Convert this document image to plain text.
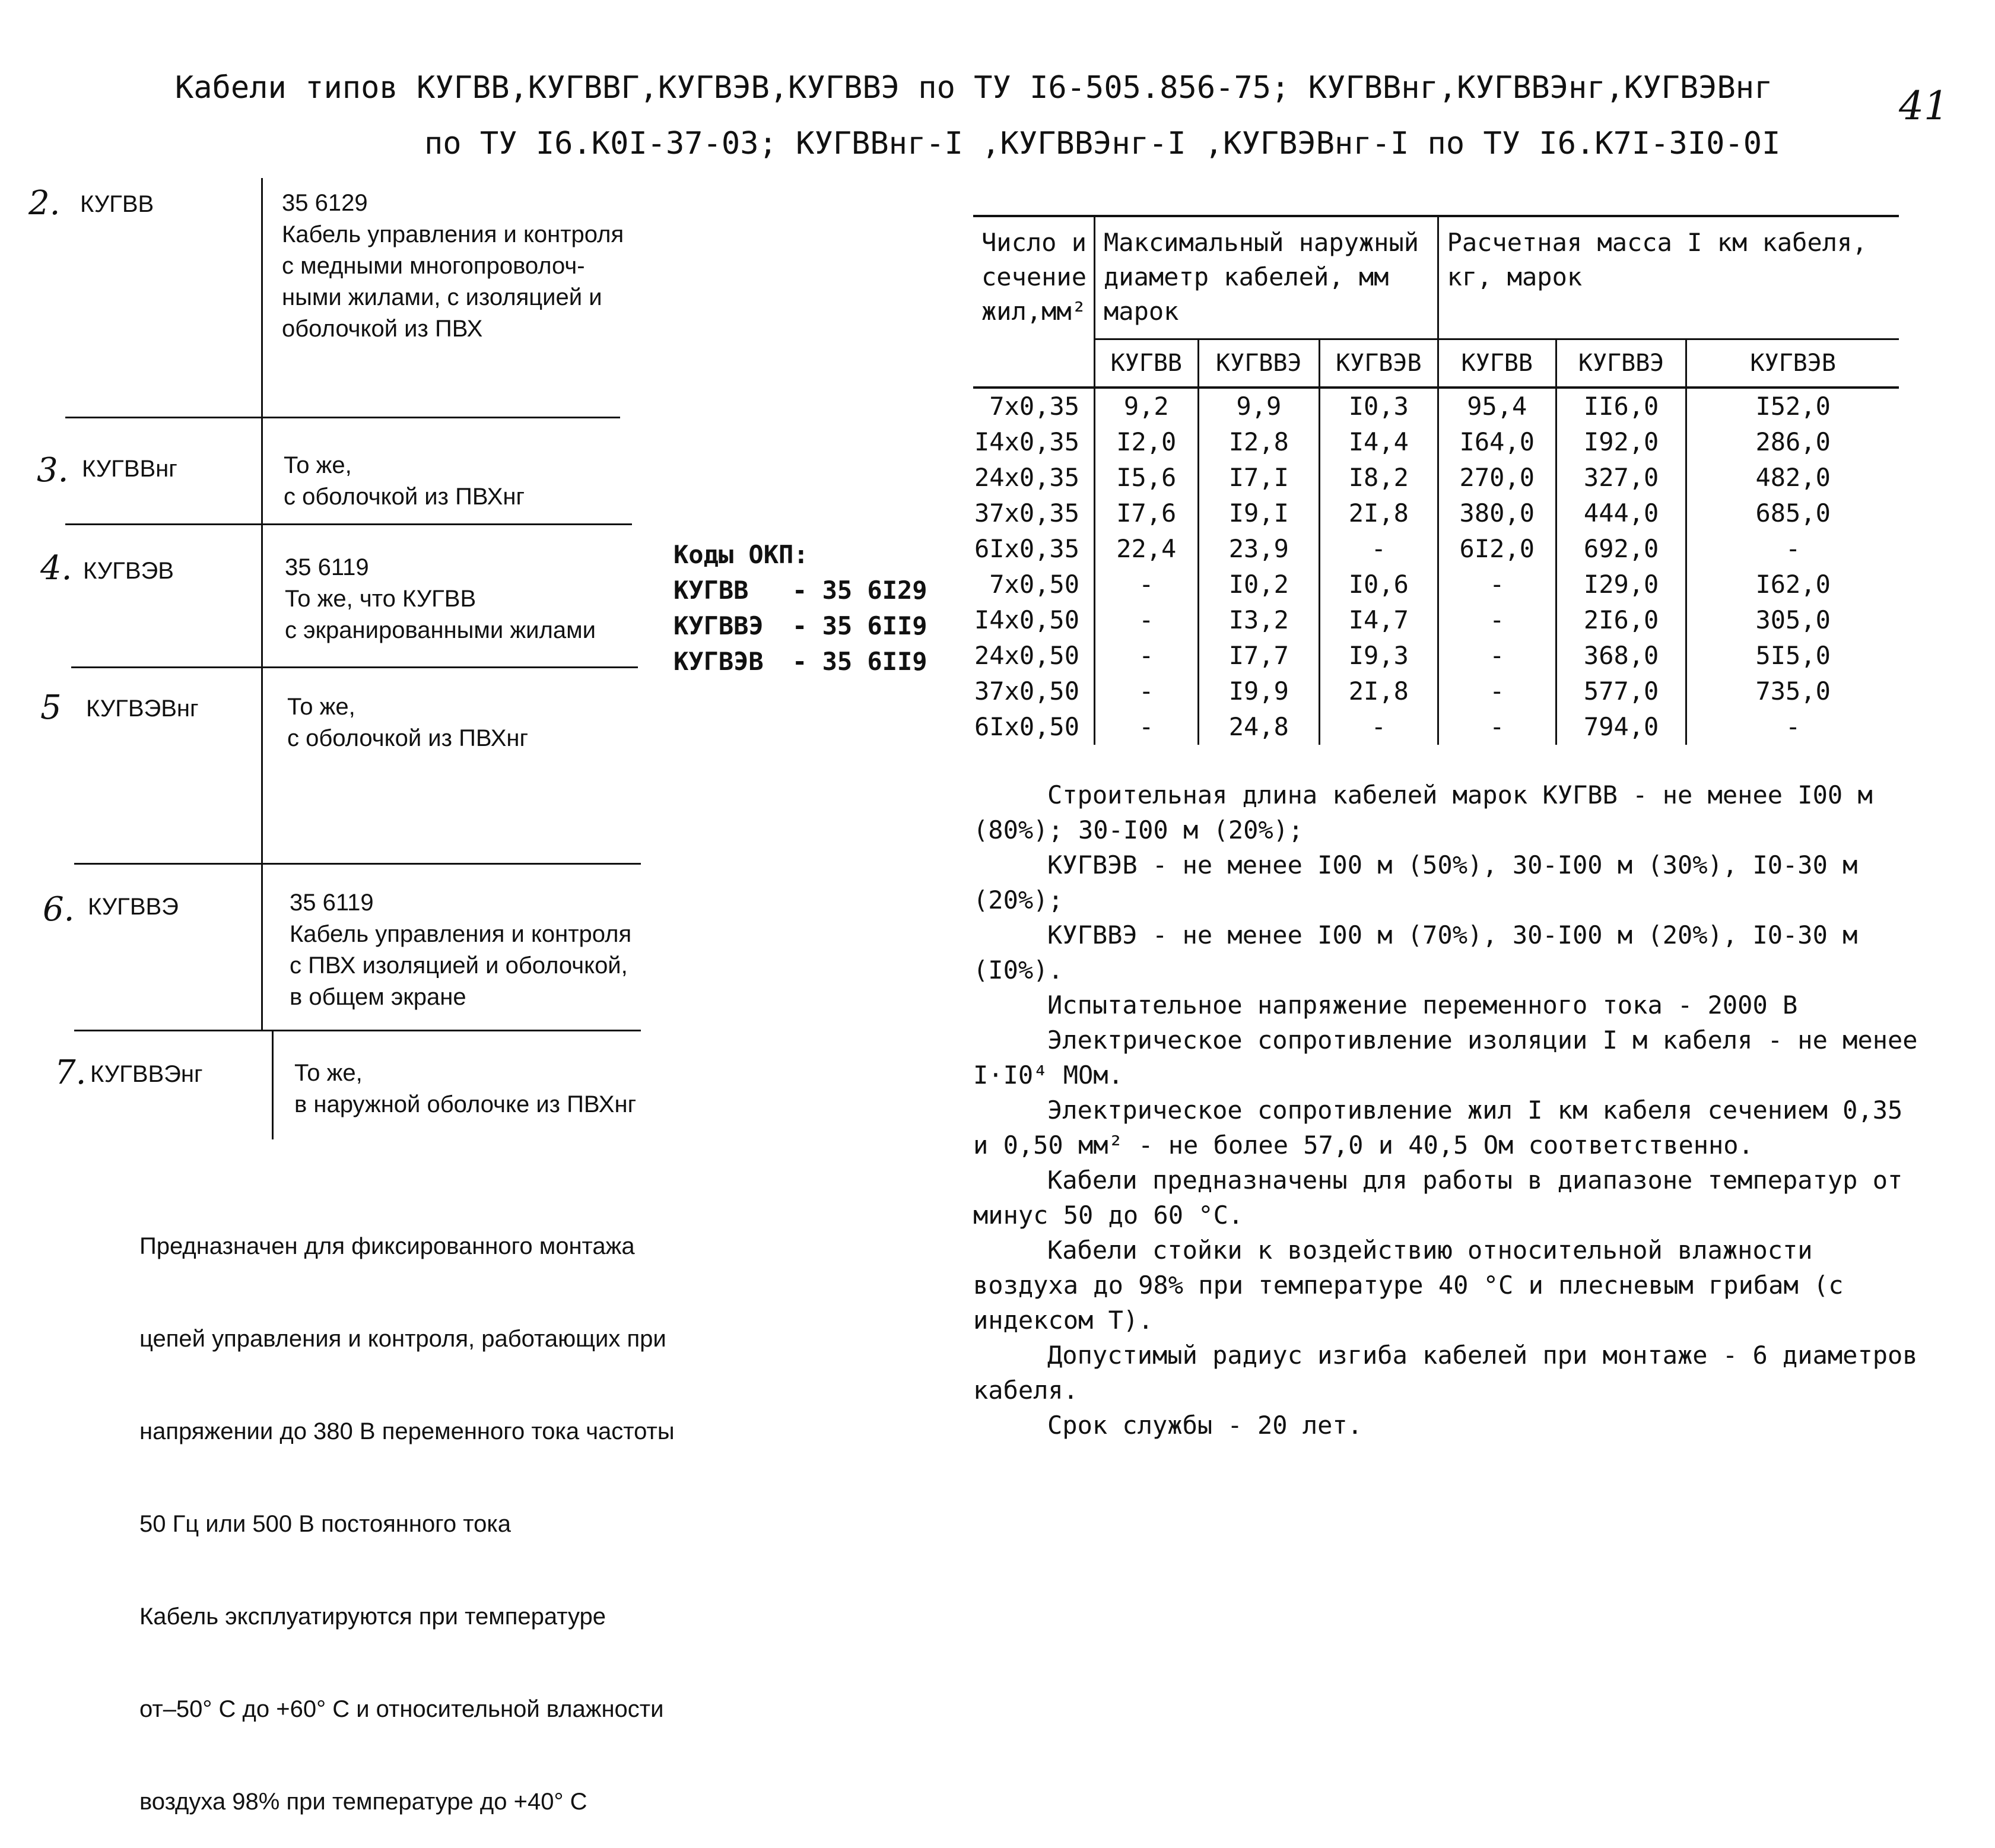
Кабели типов КУГВВ,КУГВВГ,КУГВЭВ,КУГВВЭ по ТУ I6-505.856-75; КУГВВнг,КУГВВЭнг,КУГВЭВнг
по ТУ I6.K0I-37-03; КУГВВнг-I ,КУГВВЭнг-I ,КУГВЭВнг-I по ТУ I6.K7I-3I0-0I
41
2. КУГВВ	35 6129
Кабель управления и контроля
с медными многопроволоч-
ными жилами, с изоляцией и
оболочкой из ПВХ
3. КУГВВнг	То же,
с оболочкой из ПВХнг
4. КУГВЭВ	35 6119
То же, что КУГВВ
с экранированными жилами
5 КУГВЭВнг	То же,
с оболочкой из ПВХнг
6. КУГВВЭ	35 6119
Кабель управления и контроля
с ПВХ изоляцией и оболочкой,
в общем экране
7. КУГВВЭнг	То же,
в наружной оболочке из ПВХнг
Коды ОКП:
КУГВВ - 35 6I29
КУГВВЭ - 35 6II9
КУГВЭВ - 35 6II9
Число и сечение жил,мм²	Максимальный наружный диаметр кабелей, мм марок			Расчетная масса I км кабеля, кг, марок		
	КУГВВ	КУГВВЭ	КУГВЭВ	КУГВВ	КУГВВЭ	КУГВЭВ
7x0,35	9,2	9,9	I0,3	95,4	II6,0	I52,0
I4x0,35	I2,0	I2,8	I4,4	I64,0	I92,0	286,0
24x0,35	I5,6	I7,I	I8,2	270,0	327,0	482,0
37x0,35	I7,6	I9,I	2I,8	380,0	444,0	685,0
6Ix0,35	22,4	23,9	-	6I2,0	692,0	-
7x0,50	-	I0,2	I0,6	-	I29,0	I62,0
I4x0,50	-	I3,2	I4,7	-	2I6,0	305,0
24x0,50	-	I7,7	I9,3	-	368,0	5I5,0
37x0,50	-	I9,9	2I,8	-	577,0	735,0
6Ix0,50	-	24,8	-	-	794,0	-

Строительная длина кабелей марок КУГВВ - не менее I00 м (80%); 30-I00 м (20%);

КУГВЭВ - не менее I00 м (50%), 30-I00 м (30%), I0-30 м (20%);

КУГВВЭ - не менее I00 м (70%), 30-I00 м (20%), I0-30 м (I0%).

Испытательное напряжение переменного тока - 2000 В

Электрическое сопротивление изоляции I м кабеля - не менее I·I0⁴ МОм.

Электрическое сопротивление жил I км кабеля сечением 0,35 и 0,50 мм² - не более 57,0 и 40,5 Ом соответственно.

Кабели предназначены для работы в диапазоне температур от минус 50 до 60 °С.

Кабели стойки к воздействию относительной влажности воздуха до 98% при температуре 40 °С и плесневым грибам (с индексом Т).

Допустимый радиус изгиба кабелей при монтаже - 6 диаметров кабеля.

Срок службы - 20 лет.

Предназначен для фиксированного монтажа

цепей управления и контроля, работающих при

напряжении до 380 В переменного тока частоты

50 Гц или 500 В постоянного тока

Кабель эксплуатируются при температуре

от–50° С до +60° С и относительной влажности

воздуха 98% при температуре до +40° С
